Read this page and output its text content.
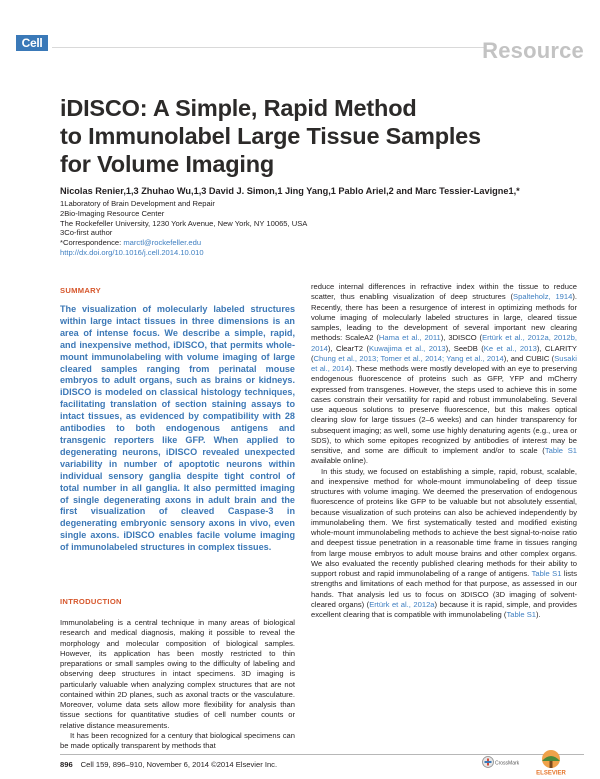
Cell	Resource
iDISCO: A Simple, Rapid Method
to Immunolabel Large Tissue Samples
for Volume Imaging
Nicolas Renier,1,3 Zhuhao Wu,1,3 David J. Simon,1 Jing Yang,1 Pablo Ariel,2 and Marc Tessier-Lavigne1,*
1Laboratory of Brain Development and Repair
2Bio-Imaging Resource Center
The Rockefeller University, 1230 York Avenue, New York, NY 10065, USA
3Co-first author
*Correspondence: marctl@rockefeller.edu
http://dx.doi.org/10.1016/j.cell.2014.10.010
SUMMARY

The visualization of molecularly labeled structures within large intact tissues in three dimensions is an area of intense focus. We describe a simple, rapid, and inexpensive method, iDISCO, that permits whole-mount immunolabeling with volume imaging of large cleared samples ranging from perinatal mouse embryos to adult organs, such as brains or kidneys. iDISCO is modeled on classical histology techniques, facilitating translation of section staining assays to intact tissues, as evidenced by compatibility with 28 antibodies to both endogenous antigens and transgenic reporters like GFP. When applied to degenerating neurons, iDISCO revealed unexpected variability in number of apoptotic neurons within individual sensory ganglia despite tight control of total number in all ganglia. It also permitted imaging of single degenerating axons in adult brain and the first visualization of cleaved Caspase-3 in degenerating embryonic sensory axons in vivo, even single axons. iDISCO enables facile volume imaging of immunolabeled structures in complex tissues.

INTRODUCTION

Immunolabeling is a central technique in many areas of biological research and medical diagnosis, making it possible to reveal the morphology and molecular composition of biological samples. However, its application has been mostly restricted to thin preparations or small samples owing to the difficulty of labeling and observing deep structures in intact specimens. 3D imaging is particularly valuable when analyzing complex structures that are not contained within 2D planes, such as axonal tracts or the vasculature. Moreover, volume data sets allow more flexibility for analysis than tissue sections for quantitative studies of cell number counts or relative distance measurements.

It has been recognized for a century that biological specimens can be made optically transparent by methods that

reduce internal differences in refractive index within the tissue to reduce scatter, thus enabling visualization of deep structures (Spalteholz, 1914). Recently, there has been a resurgence of interest in optimizing methods for volume imaging of molecularly labeled structures in large, cleared tissue samples, leading to the development of several important new clearing methods: ScaleA2 (Hama et al., 2011), 3DISCO (Ertürk et al., 2012a, 2012b, 2014), ClearT2 (Kuwajima et al., 2013), SeeDB (Ke et al., 2013), CLARITY (Chung et al., 2013; Tomer et al., 2014; Yang et al., 2014), and CUBIC (Susaki et al., 2014). These methods were mostly developed with an eye to preserving endogenous fluorescence of proteins such as GFP, YFP and mCherry expressed from transgenes. However, the steps used to achieve this in some cases constrain their versatility for rapid and robust immunolabeling. Several use aqueous solutions to preserve fluorescence, but this makes optical clearing slow for large tissues (2–6 weeks) and can hinder transparency for subsequent imaging; as well, some use highly denaturing agents (e.g., urea or SDS), to which some epitopes recognized by antibodies of interest may be sensitive, and some are difficult to implement and/or to scale (Table S1 available online).

In this study, we focused on establishing a simple, rapid, robust, scalable, and inexpensive method for whole-mount immunolabeling of deep tissue structures with volume imaging. We deemed the preservation of endogenous fluorescence of proteins like GFP to be valuable but not absolutely essential, because visualization of such proteins can also be achieved independently by immunolabeling them. We first systematically tested and modified existing whole-mount immunolabeling methods to achieve the best signal-to-noise ratio and deepest tissue penetration in a reasonable time frame in tissues ranging from large mouse embryos to adult mouse brains and other complex organs. We also evaluated the recently published clearing methods for their ability to support robust and rapid immunolabeling of a range of antigens. Table S1 lists strengths and limitations of each method for that purpose, as assessed in our hands. That analysis led us to focus on 3DISCO (3D imaging of solvent-cleared organs) (Ertürk et al., 2012a) because it is rapid, simple, and provides excellent clearing that is compatible with immunolabeling (Table S1).

896 Cell 159, 896–910, November 6, 2014 ©2014 Elsevier Inc.	CrossMark
ELSEVIER
